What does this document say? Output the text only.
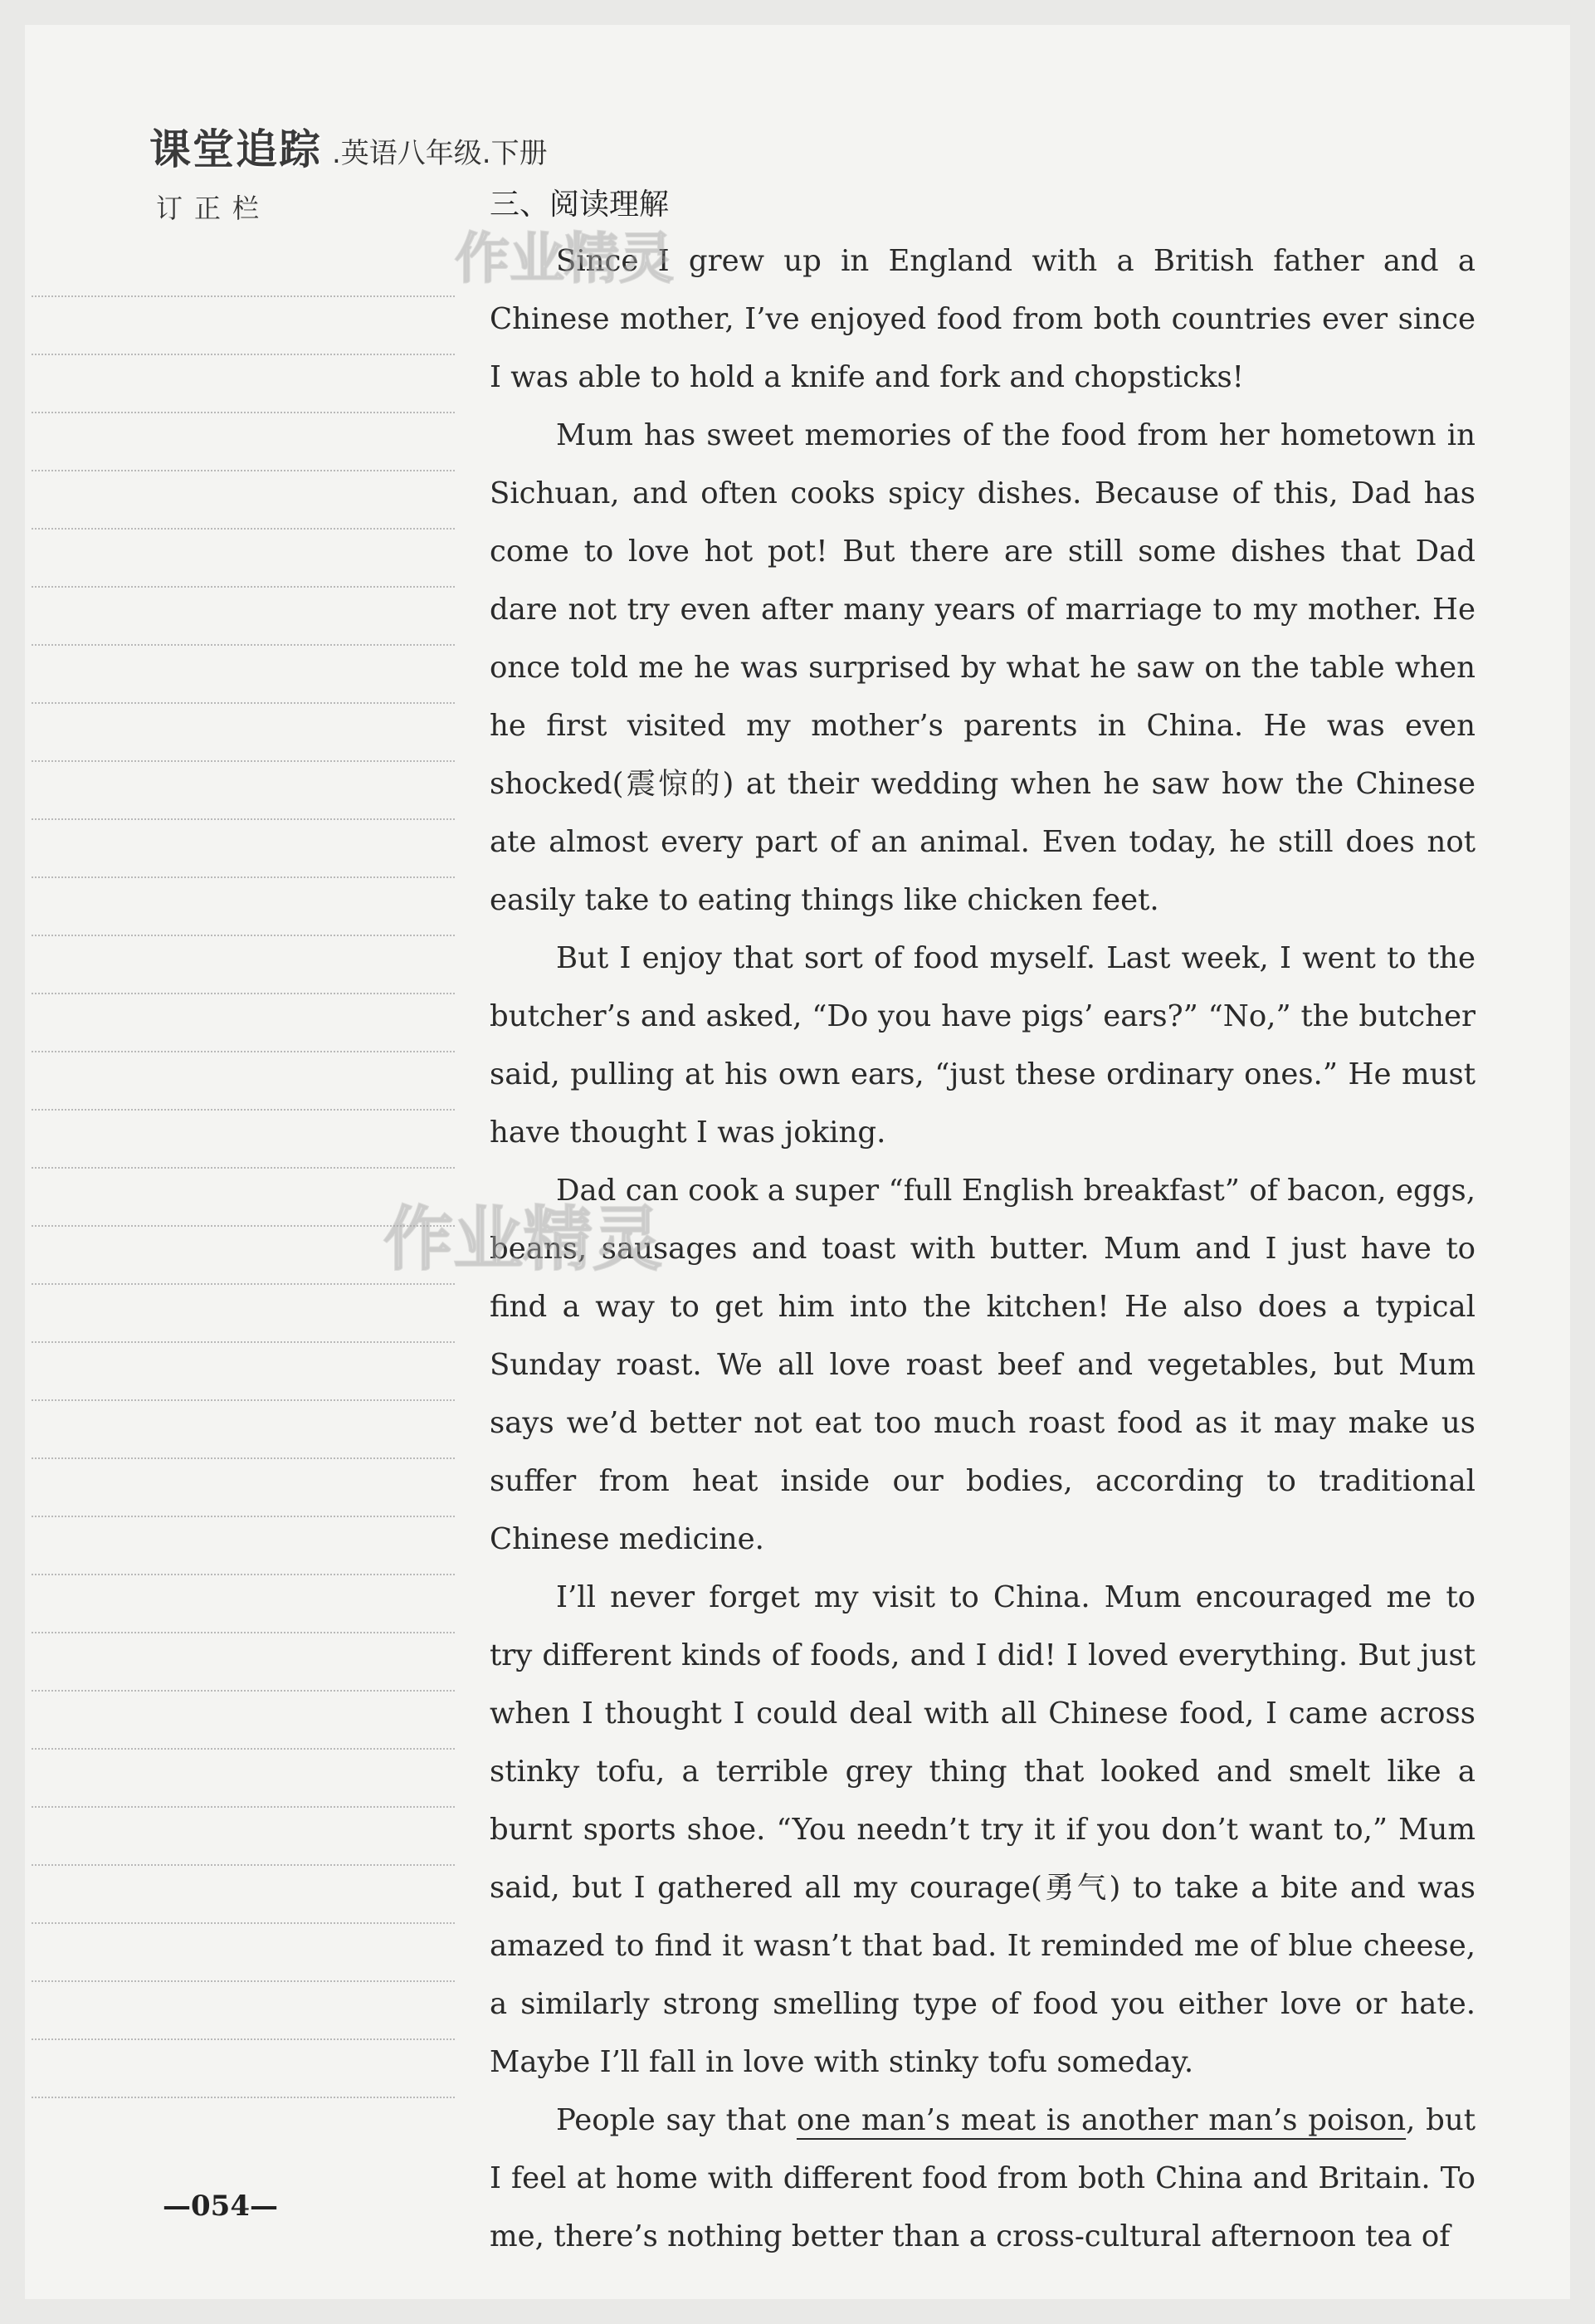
课堂追踪 .英语八年级.下册
订正栏	三、阅读理解

Since I grew up in England with a British father and a Chinese mother, I’ve enjoyed food from both countries ever since I was able to hold a knife and fork and chopsticks!

Mum has sweet memories of the food from her hometown in Sichuan, and often cooks spicy dishes. Because of this, Dad has come to love hot pot! But there are still some dishes that Dad dare not try even after many years of marriage to my mother. He once told me he was surprised by what he saw on the table when he first visited my mother’s parents in China. He was even shocked(震惊的) at their wedding when he saw how the Chinese ate almost every part of an animal. Even today, he still does not easily take to eating things like chicken feet.

But I enjoy that sort of food myself. Last week, I went to the butcher’s and asked, “Do you have pigs’ ears?” “No,” the butcher said, pulling at his own ears, “just these ordinary ones.” He must have thought I was joking.

Dad can cook a super “full English breakfast” of bacon, eggs, beans, sausages and toast with butter. Mum and I just have to find a way to get him into the kitchen! He also does a typical Sunday roast. We all love roast beef and vegetables, but Mum says we’d better not eat too much roast food as it may make us suffer from heat inside our bodies, according to traditional Chinese medicine.

I’ll never forget my visit to China. Mum encouraged me to try different kinds of foods, and I did! I loved everything. But just when I thought I could deal with all Chinese food, I came across stinky tofu, a terrible grey thing that looked and smelt like a burnt sports shoe. “You needn’t try it if you don’t want to,” Mum said, but I gathered all my courage(勇气) to take a bite and was amazed to find it wasn’t that bad. It reminded me of blue cheese, a similarly strong smelling type of food you either love or hate. Maybe I’ll fall in love with stinky tofu someday.

People say that one man’s meat is another man’s poison, but I feel at home with different food from both China and Britain. To me, there’s nothing better than a cross-cultural afternoon tea of

—054—
作业精灵
作业精灵
